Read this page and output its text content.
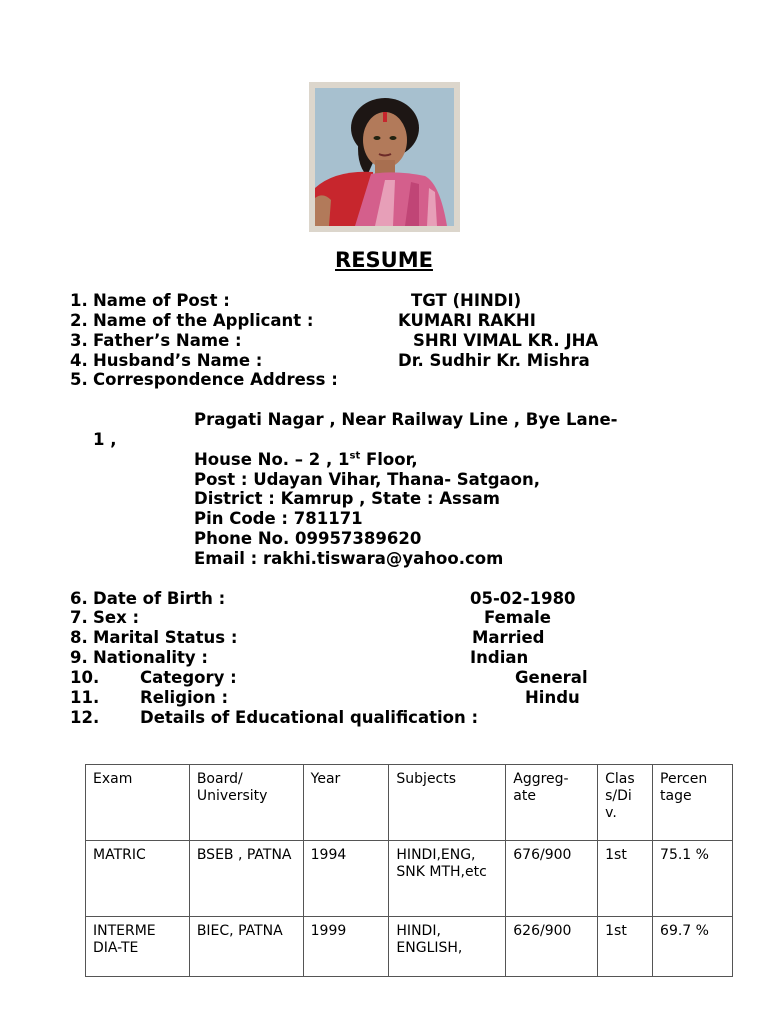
RESUME
1. Name of Post :	TGT (HINDI)
2. Name of the Applicant :	KUMARI RAKHI
3. Father’s Name :	SHRI VIMAL KR. JHA
4. Husband’s Name :	Dr. Sudhir Kr. Mishra
5. Correspondence Address :
Pragati Nagar , Near Railway Line , Bye Lane-
1 ,
House No. – 2 , 1st Floor,
Post : Udayan Vihar, Thana- Satgaon,
District : Kamrup , State : Assam
Pin Code : 781171
Phone No. 09957389620
Email : rakhi.tiswara@yahoo.com
6. Date of Birth :	05-02-1980
7. Sex :	Female
8. Marital Status :	Married
9. Nationality :	Indian
10. Category :	General
11. Religion :	Hindu
12. Details of Educational qualification :
Exam	Board/ University	Year	Subjects	Aggreg-ate	Clas s/Di v.	Percen tage
MATRIC	BSEB , PATNA	1994	HINDI,ENG, SNK MTH,etc	676/900	1st	75.1 %
INTERME DIA-TE	BIEC, PATNA	1999	HINDI, ENGLISH,	626/900	1st	69.7 %
